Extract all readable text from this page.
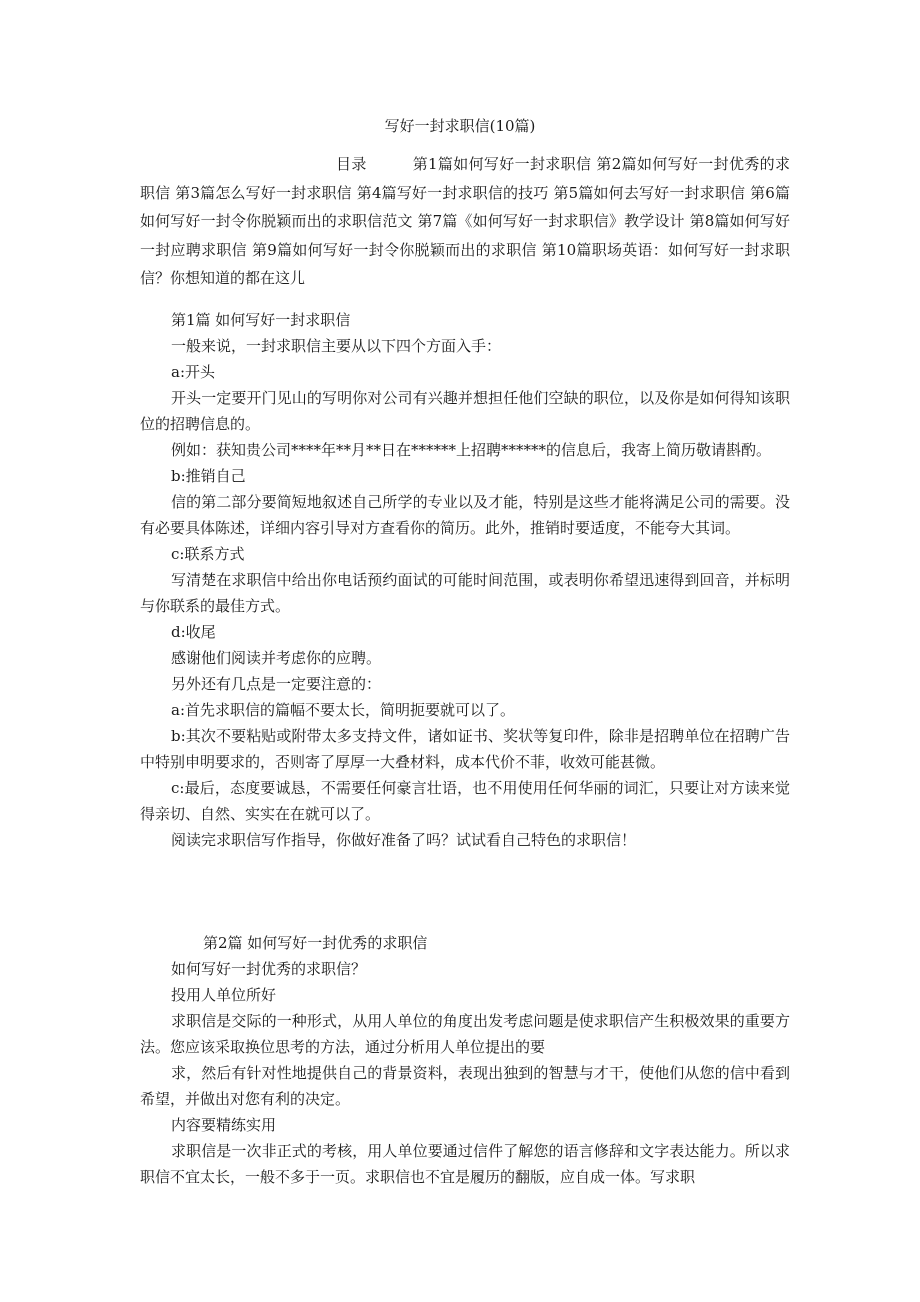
写好一封求职信(10篇)
目录　　　第1篇如何写好一封求职信 第2篇如何写好一封优秀的求职信 第3篇怎么写好一封求职信 第4篇写好一封求职信的技巧 第5篇如何去写好一封求职信 第6篇如何写好一封令你脱颖而出的求职信范文 第7篇《如何写好一封求职信》教学设计 第8篇如何写好一封应聘求职信 第9篇如何写好一封令你脱颖而出的求职信 第10篇职场英语：如何写好一封求职信？你想知道的都在这儿

第1篇 如何写好一封求职信

一般来说，一封求职信主要从以下四个方面入手：

a:开头

开头一定要开门见山的写明你对公司有兴趣并想担任他们空缺的职位，以及你是如何得知该职位的招聘信息的。

例如：获知贵公司****年**月**日在******上招聘******的信息后，我寄上简历敬请斟酌。

b:推销自己

信的第二部分要简短地叙述自己所学的专业以及才能，特别是这些才能将满足公司的需要。没有必要具体陈述，详细内容引导对方查看你的简历。此外，推销时要适度，不能夸大其词。

c:联系方式

写清楚在求职信中给出你电话预约面试的可能时间范围，或表明你希望迅速得到回音，并标明与你联系的最佳方式。

d:收尾

感谢他们阅读并考虑你的应聘。

另外还有几点是一定要注意的：

a:首先求职信的篇幅不要太长，简明扼要就可以了。

b:其次不要粘贴或附带太多支持文件，诸如证书、奖状等复印件，除非是招聘单位在招聘广告中特别申明要求的，否则寄了厚厚一大叠材料，成本代价不菲，收效可能甚微。

c:最后，态度要诚恳，不需要任何豪言壮语，也不用使用任何华丽的词汇，只要让对方读来觉得亲切、自然、实实在在就可以了。

阅读完求职信写作指导，你做好准备了吗？试试看自己特色的求职信！

第2篇 如何写好一封优秀的求职信

如何写好一封优秀的求职信？

投用人单位所好

求职信是交际的一种形式，从用人单位的角度出发考虑问题是使求职信产生积极效果的重要方法。您应该采取换位思考的方法，通过分析用人单位提出的要

求，然后有针对性地提供自己的背景资料，表现出独到的智慧与才干，使他们从您的信中看到希望，并做出对您有利的决定。

内容要精练实用

求职信是一次非正式的考核，用人单位要通过信件了解您的语言修辞和文字表达能力。所以求职信不宜太长，一般不多于一页。求职信也不宜是履历的翻版，应自成一体。写求职
